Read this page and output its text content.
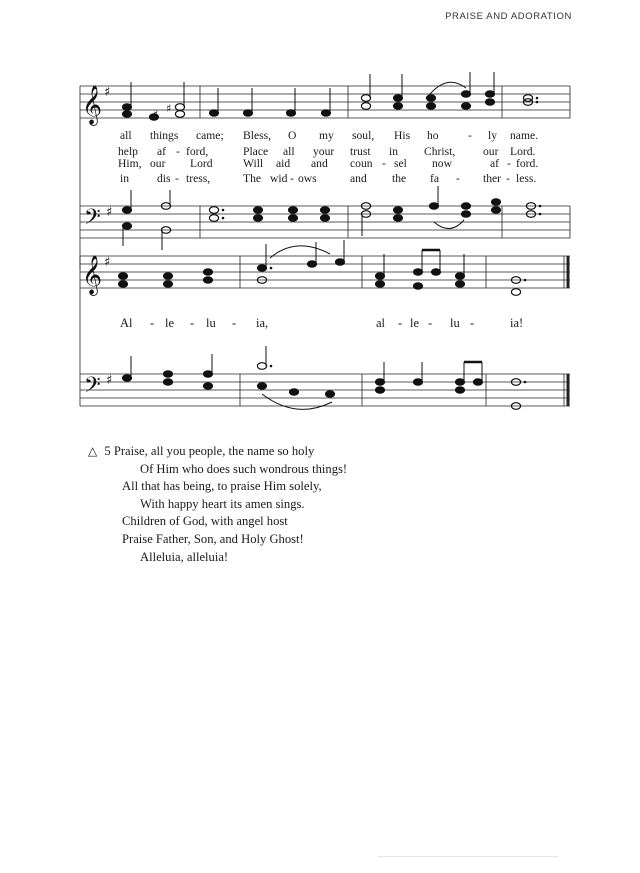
PRAISE AND ADORATION
𝄞 ♯
♯ ♯
all things came; Bless, O my soul, His ho	- ly name.
help af - ford,	Place all your trust in Christ, our Lord.
Him, our Lord	Will aid and coun - sel now	af - ford.
in dis - tress,	The wid - ows	and the fa - ther - less.
𝄢 ♯
𝄞 ♯
Al - le - lu - ia,	al - le - lu -	ia!
𝄢 ♯
△ 5 Praise, all you people, the name so holy
Of Him who does such wondrous things!
All that has being, to praise Him solely,
With happy heart its amen sings.
Children of God, with angel host
Praise Father, Son, and Holy Ghost!
Alleluia, alleluia!
